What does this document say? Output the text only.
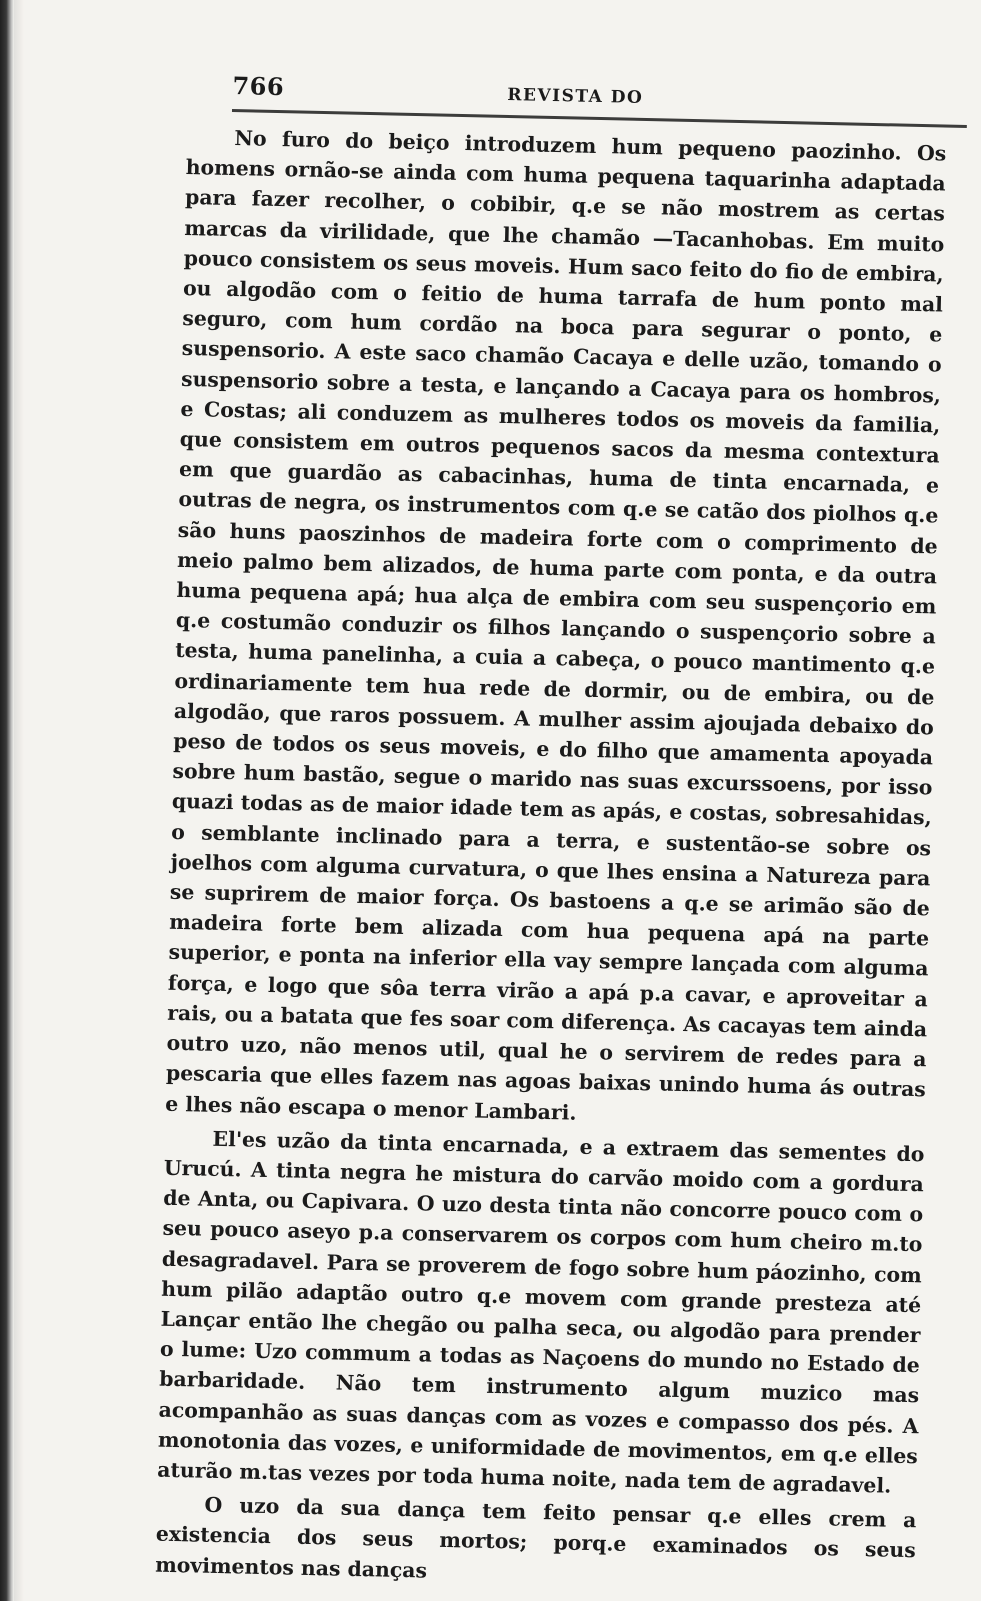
766	REVISTA DO

No furo do beiço introduzem hum pequeno paozinho. Os homens ornão-se ainda com huma pequena taquarinha adaptada para fazer recolher, o cobibir, q.e se não mostrem as certas marcas da virilidade, que lhe chamão —Tacanhobas. Em muito pouco consistem os seus moveis. Hum saco feito do fio de embira, ou algodão com o feitio de huma tarrafa de hum ponto mal seguro, com hum cordão na boca para segurar o ponto, e suspensorio. A este saco chamão Cacaya e delle uzão, tomando o suspensorio sobre a testa, e lançando a Cacaya para os hombros, e Costas; ali conduzem as mulheres todos os moveis da familia, que consistem em outros pequenos sacos da mesma contextura em que guardão as cabacinhas, huma de tinta encarnada, e outras de negra, os instrumentos com q.e se catão dos piolhos q.e são huns paoszinhos de madeira forte com o comprimento de meio palmo bem alizados, de huma parte com ponta, e da outra huma pequena apá; hua alça de embira com seu suspençorio em q.e costumão conduzir os filhos lançando o suspençorio sobre a testa, huma panelinha, a cuia a cabeça, o pouco mantimento q.e ordinariamente tem hua rede de dormir, ou de embira, ou de algodão, que raros possuem. A mulher assim ajoujada debaixo do peso de todos os seus moveis, e do filho que amamenta apoyada sobre hum bastão, segue o marido nas suas excurssoens, por isso quazi todas as de maior idade tem as apás, e costas, sobresahidas, o semblante inclinado para a terra, e sustentão-se sobre os joelhos com alguma curvatura, o que lhes ensina a Natureza para se suprirem de maior força. Os bastoens a q.e se arimão são de madeira forte bem alizada com hua pequena apá na parte superior, e ponta na inferior ella vay sempre lançada com alguma força, e logo que sôa terra virão a apá p.a cavar, e aproveitar a rais, ou a batata que fes soar com diferença. As cacayas tem ainda outro uzo, não menos util, qual he o servirem de redes para a pescaria que elles fazem nas agoas baixas unindo huma ás outras e lhes não escapa o menor Lambari.

El'es uzão da tinta encarnada, e a extraem das sementes do Urucú. A tinta negra he mistura do carvão moido com a gordura de Anta, ou Capivara. O uzo desta tinta não concorre pouco com o seu pouco aseyo p.a conservarem os corpos com hum cheiro m.to desagradavel. Para se proverem de fogo sobre hum páozinho, com hum pilão adaptão outro q.e movem com grande presteza até Lançar então lhe chegão ou palha seca, ou algodão para prender o lume: Uzo commum a todas as Naçoens do mundo no Estado de barbaridade. Não tem instrumento algum muzico mas acompanhão as suas danças com as vozes e compasso dos pés. A monotonia das vozes, e uniformidade de movimentos, em q.e elles aturão m.tas vezes por toda huma noite, nada tem de agradavel.

O uzo da sua dança tem feito pensar q.e elles crem a existencia dos seus mortos; porq.e examinados os seus movimentos nas danças
